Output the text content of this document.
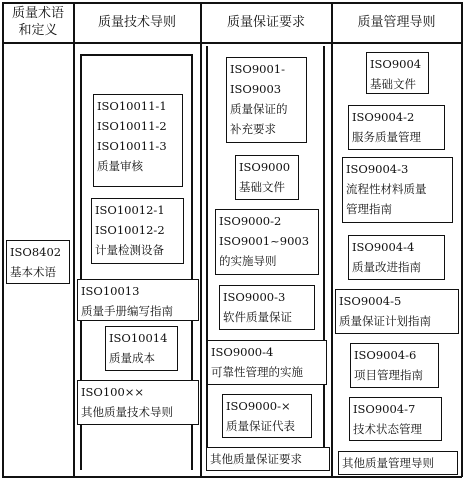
质量术语
和定义
质量技术导则	质量保证要求	质量管理导则
ISO8402
基本术语
ISO10011-1
ISO10011-2
ISO10011-3
质量审核
ISO10012-1
ISO10012-2
计量检测设备
ISO10013
质量手册编写指南
ISO10014
质量成本
ISO100××
其他质量技术导则
ISO9001-
ISO9003
质量保证的
补充要求
ISO9000
基础文件
ISO9000-2
ISO9001~9003
的实施导则
ISO9000-3
软件质量保证
ISO9000-4
可靠性管理的实施
ISO9000-×
质量保证代表
其他质量保证要求
ISO9004
基础文件
ISO9004-2
服务质量管理
ISO9004-3
流程性材料质量
管理指南
ISO9004-4
质量改进指南
ISO9004-5
质量保证计划指南
ISO9004-6
项目管理指南
ISO9004-7
技术状态管理
其他质量管理导则
